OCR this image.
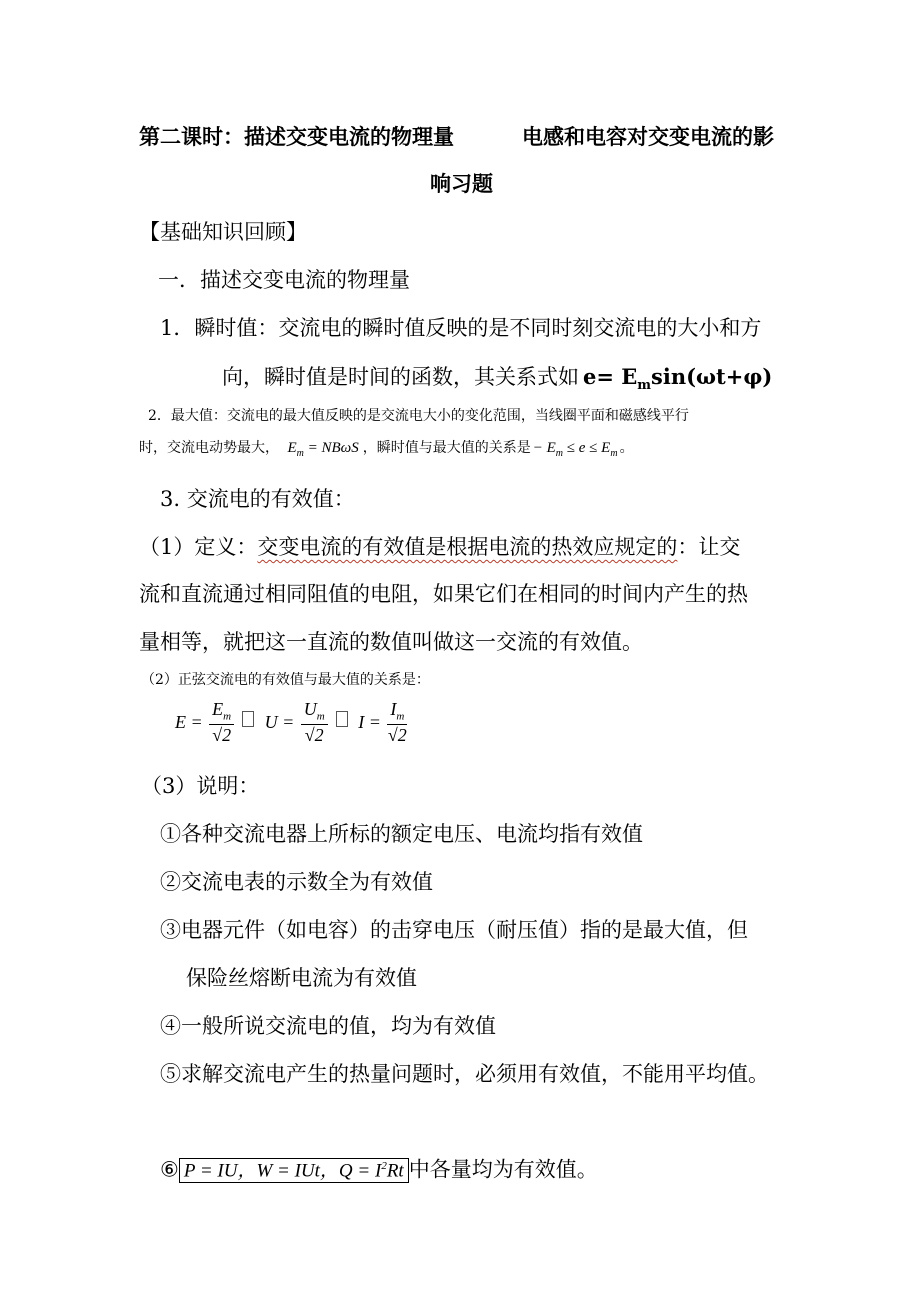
第二课时：描述交变电流的物理量	电感和电容对交变电流的影
响习题
【基础知识回顾】
一．描述交变电流的物理量
1．瞬时值：交流电的瞬时值反映的是不同时刻交流电的大小和方
向，瞬时值是时间的函数，其关系式如 $e= E_m\sin(\omega t+\varphi)$
2．最大值：交流电的最大值反映的是交流电大小的变化范围，当线圈平面和磁感线平行
时，交流电动势最大， $E_m = NB\omega S$ ，瞬时值与最大值的关系是 − $E_m \le e \le E_m$ 。
3. 交流电的有效值：
（1）定义：交变电流的有效值是根据电流的热效应规定的：让交
流和直流通过相同阻值的电阻，如果它们在相同的时间内产生的热
量相等，就把这一直流的数值叫做这一交流的有效值。
（2）正弦交流电的有效值与最大值的关系是：
$E = \frac{E_m}{√2}$ $U = \frac{U_m}{√2}$ $I = \frac{I_m}{√2}$
（3）说明：
①各种交流电器上所标的额定电压、电流均指有效值
②交流电表的示数全为有效值
③电器元件（如电容）的击穿电压（耐压值）指的是最大值，但
保险丝熔断电流为有效值
④一般所说交流电的值，均为有效值
⑤求解交流电产生的热量问题时，必须用有效值，不能用平均值。
⑥ P = IU，W = IUt，$Q = I^2Rt$ 中各量均为有效值。
